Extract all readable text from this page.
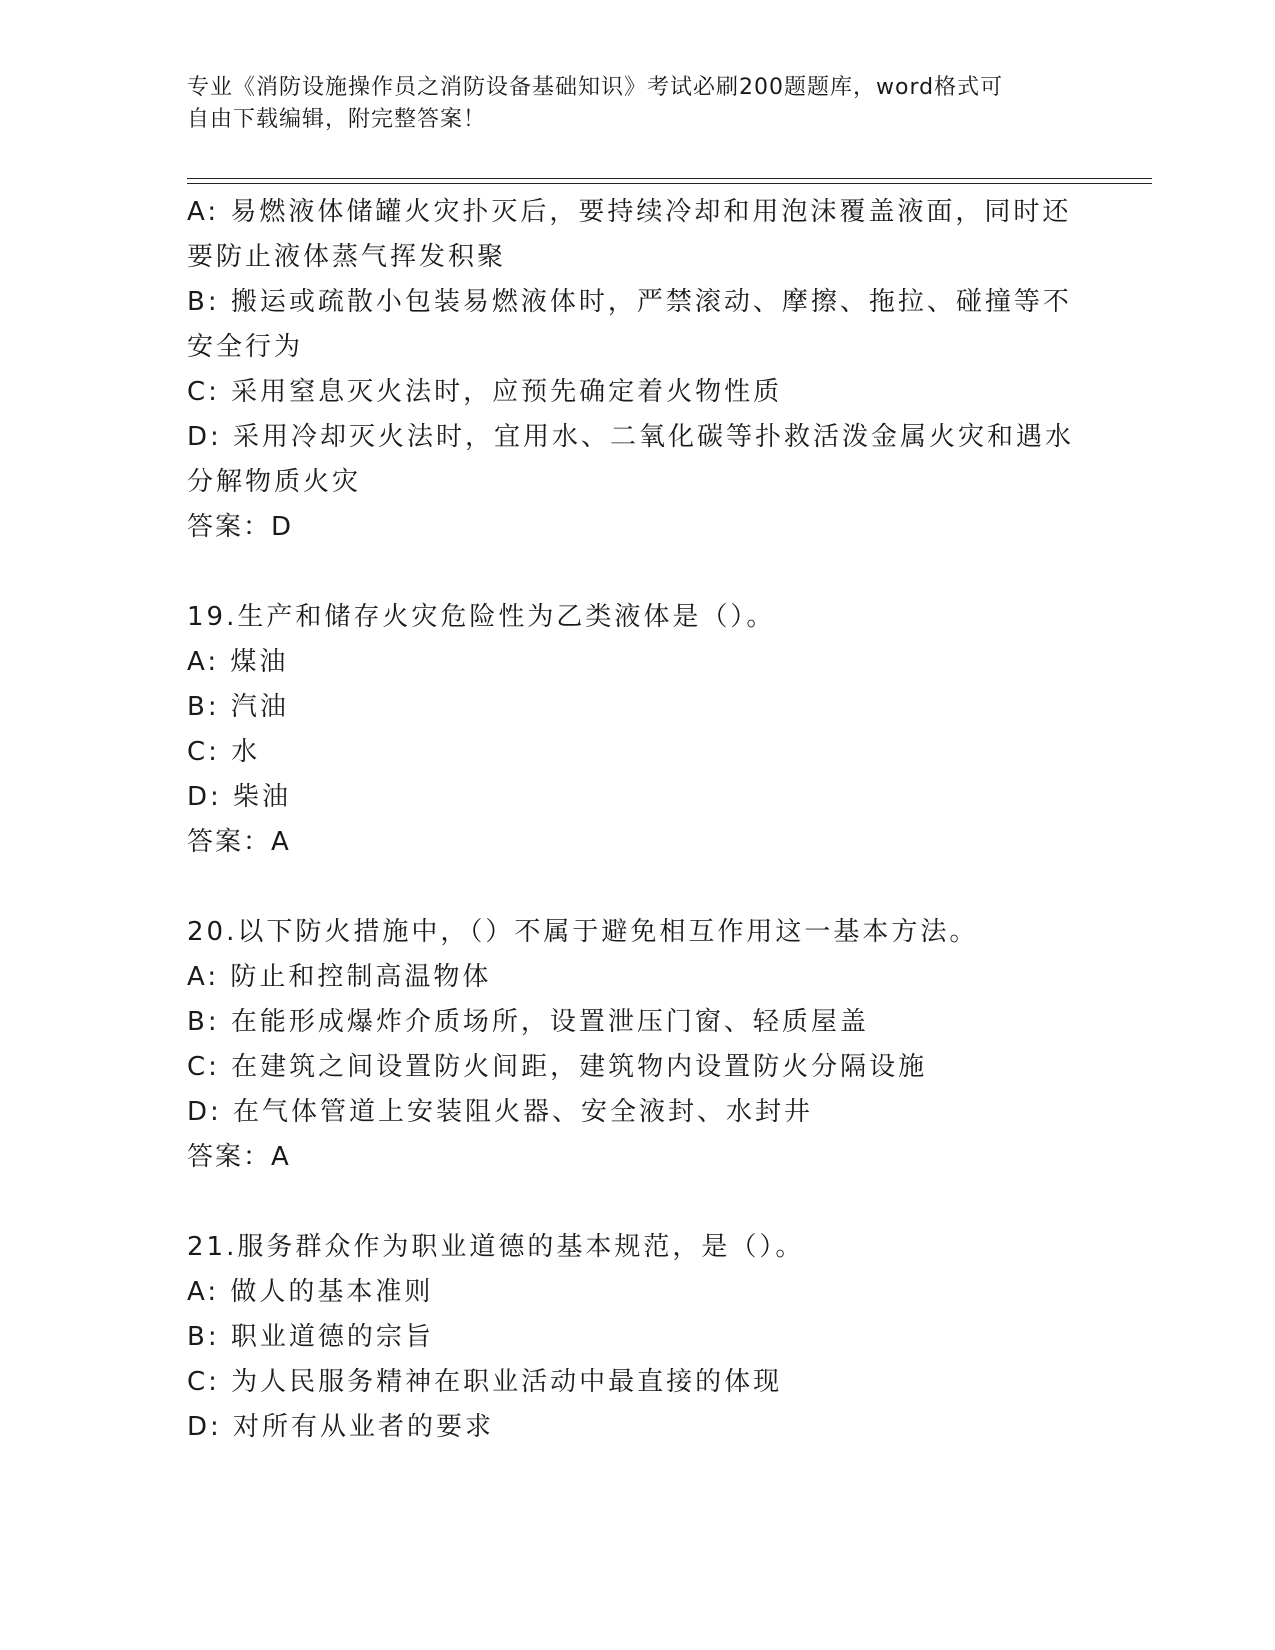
专业《消防设施操作员之消防设备基础知识》考试必刷200题题库，word格式可
自由下载编辑，附完整答案！
A: 易燃液体储罐火灾扑灭后，要持续冷却和用泡沫覆盖液面，同时还
要防止液体蒸气挥发积聚
B: 搬运或疏散小包装易燃液体时，严禁滚动、摩擦、拖拉、碰撞等不
安全行为
C: 采用窒息灭火法时，应预先确定着火物性质
D: 采用冷却灭火法时，宜用水、二氧化碳等扑救活泼金属火灾和遇水
分解物质火灾
答案：D
19.生产和储存火灾危险性为乙类液体是（）。
A: 煤油
B: 汽油
C: 水
D: 柴油
答案：A
20.以下防火措施中，（）不属于避免相互作用这一基本方法。
A: 防止和控制高温物体
B: 在能形成爆炸介质场所，设置泄压门窗、轻质屋盖
C: 在建筑之间设置防火间距，建筑物内设置防火分隔设施
D: 在气体管道上安装阻火器、安全液封、水封井
答案：A
21.服务群众作为职业道德的基本规范，是（）。
A: 做人的基本准则
B: 职业道德的宗旨
C: 为人民服务精神在职业活动中最直接的体现
D: 对所有从业者的要求
